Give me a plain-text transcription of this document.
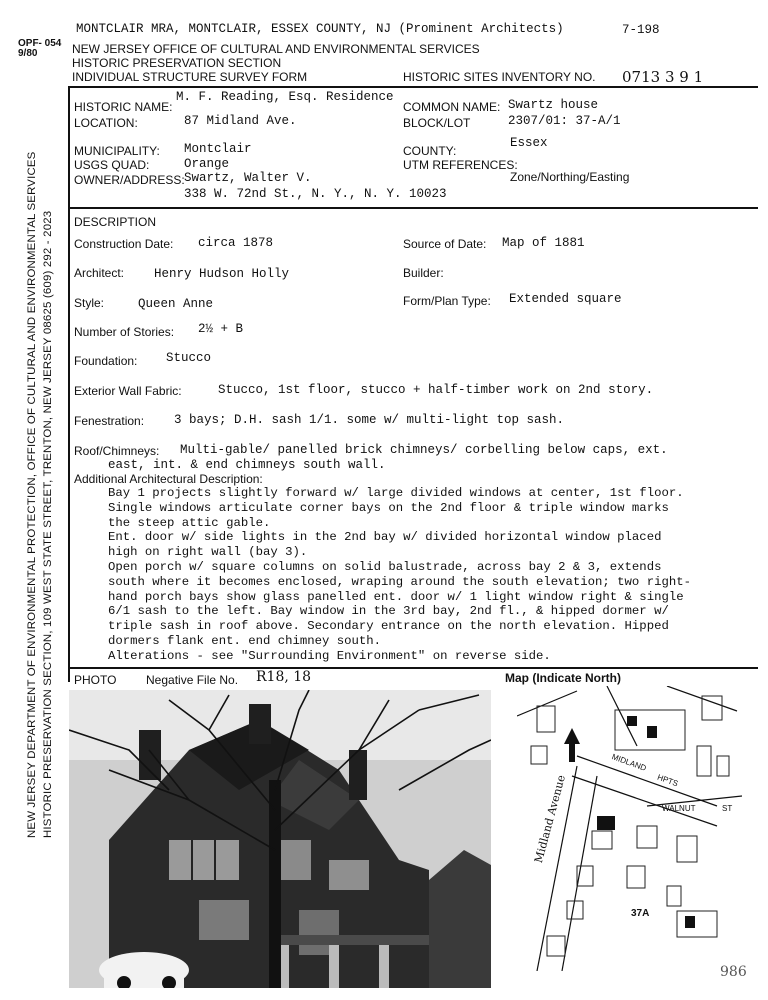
NEW JERSEY DEPARTMENT OF ENVIRONMENTAL PROTECTION, OFFICE OF CULTURAL AND ENVIRONMENTAL SERVICES HISTORIC PRESERVATION SECTION, 109 WEST STATE STREET, TRENTON, NEW JERSEY 08625 (609) 292 - 2023
MONTCLAIR MRA, MONTCLAIR, ESSEX COUNTY, NJ (Prominent Architects)	7-198
OPF- 054
9/80	NEW JERSEY OFFICE OF CULTURAL AND ENVIRONMENTAL SERVICES
HISTORIC PRESERVATION SECTION
INDIVIDUAL STRUCTURE SURVEY FORM	HISTORIC SITES INVENTORY NO. 0713 3 9 1
HISTORIC NAME:
M. F. Reading, Esq. Residence
LOCATION:	87 Midland Ave.
COMMON NAME: Swartz house
BLOCK/LOT	2307/01: 37-A/1
MUNICIPALITY: Montclair	COUNTY:
Essex
USGS QUAD:	Orange	UTM REFERENCES:
Zone/Northing/Easting
OWNER/ADDRESS: Swartz, Walter V.
338 W. 72nd St., N. Y., N. Y. 10023
DESCRIPTION
Construction Date: circa 1878	Source of Date: Map of 1881
Architect: Henry Hudson Holly	Builder:
Style:	Queen Anne	Form/Plan Type: Extended square
Number of Stories: 2½ + B
Foundation: Stucco
Exterior Wall Fabric:	Stucco, 1st floor, stucco + half-timber work on 2nd story.
Fenestration: 3 bays; D.H. sash 1/1. some w/ multi-light top sash.
Roof/Chimneys: Multi-gable/ panelled brick chimneys/ corbelling below caps, ext.
east, int. & end chimneys south wall.
Additional Architectural Description:
Bay 1 projects slightly forward w/ large divided windows at center, 1st floor.
Single windows articulate corner bays on the 2nd floor & triple window marks
the steep attic gable.
Ent. door w/ side lights in the 2nd bay w/ divided horizontal window placed
high on right wall (bay 3).
Open porch w/ square columns on solid balustrade, across bay 2 & 3, extends
south where it becomes enclosed, wraping around the south elevation; two right-
hand porch bays show glass panelled ent. door w/ 1 light window right & single
6/1 sash to the left. Bay window in the 3rd bay, 2nd fl., & hipped dormer w/
triple sash in roof above. Secondary entrance on the north elevation. Hipped
dormers flank ent. end chimney south.
Alterations - see "Surrounding Environment" on reverse side.
PHOTO Negative File No. R18, 18	Map (Indicate North)
MIDLAND
HPTS
WALNUT	ST
Midland Avenue
37A
986
